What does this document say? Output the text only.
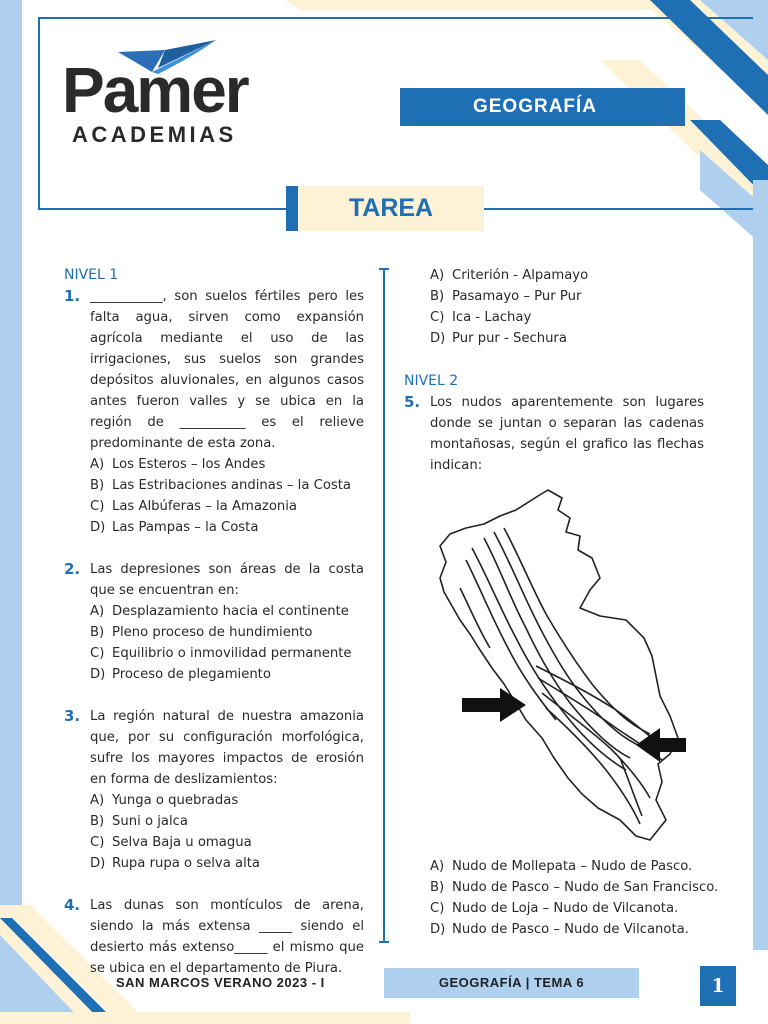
Pamer
ACADEMIAS
GEOGRAFÍA
TAREA
NIVEL 1
1. ___________, son suelos fértiles pero les falta agua, sirven como expansión agrícola mediante el uso de las irrigaciones, sus suelos son grandes depósitos aluvionales, en algunos casos antes fueron valles y se ubica en la región de __________ es el relieve predominante de esta zona.
A) Los Esteros – los Andes
B) Las Estribaciones andinas – la Costa
C) Las Albúferas – la Amazonia
D) Las Pampas – la Costa
2. Las depresiones son áreas de la costa que se encuentran en:
A) Desplazamiento hacia el continente
B) Pleno proceso de hundimiento
C) Equilibrio o inmovilidad permanente
D) Proceso de plegamiento
3. La región natural de nuestra amazonia que, por su configuración morfológica, sufre los mayores impactos de erosión en forma de deslizamientos:
A) Yunga o quebradas
B) Suni o jalca
C) Selva Baja u omagua
D) Rupa rupa o selva alta
4. Las dunas son montículos de arena, siendo la más extensa _____ siendo el desierto más extenso_____ el mismo que se ubica en el departamento de Piura.
A) Criterión - Alpamayo
B) Pasamayo – Pur Pur
C) Ica - Lachay
D) Pur pur - Sechura
NIVEL 2
5. Los nudos aparentemente son lugares donde se juntan o separan las cadenas montañosas, según el grafico las flechas indican:
A) Nudo de Mollepata – Nudo de Pasco.
B) Nudo de Pasco – Nudo de San Francisco.
C) Nudo de Loja – Nudo de Vilcanota.
D) Nudo de Pasco – Nudo de Vilcanota.
SAN MARCOS VERANO 2023 - I	GEOGRAFÍA | TEMA 6	1
